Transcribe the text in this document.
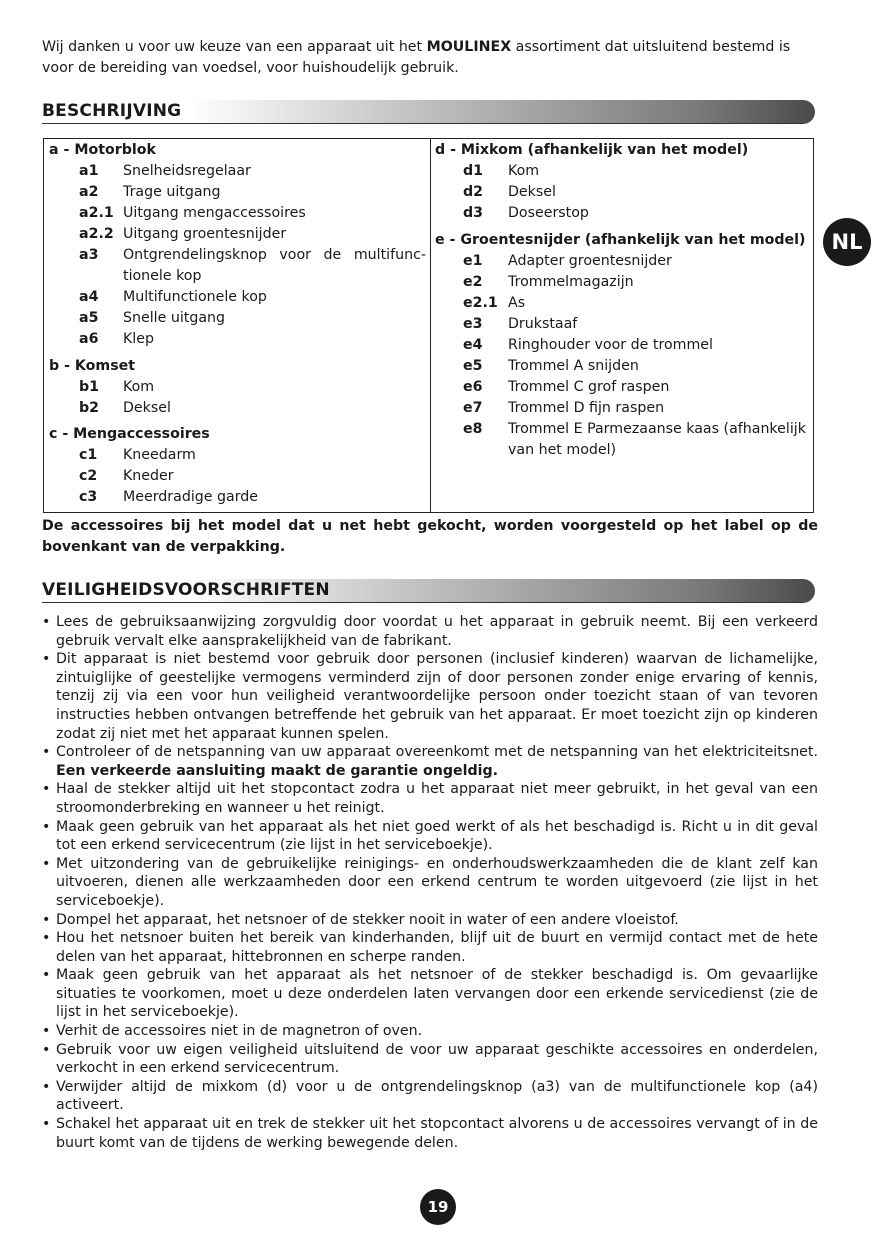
Wij danken u voor uw keuze van een apparaat uit het MOULINEX assortiment dat uitsluitend bestemd is voor de bereiding van voedsel, voor huishoudelijk gebruik.

BESCHRIJVING
a - Motorblok
a1 Snelheidsregelaar
a2 Trage uitgang
a2.1 Uitgang mengaccessoires
a2.2 Uitgang groentesnijder
a3 Ontgrendelingsknop voor de multifunc-tionele kop
a4 Multifunctionele kop
a5 Snelle uitgang
a6 Klep
b - Komset
b1 Kom
b2 Deksel
c - Mengaccessoires
c1 Kneedarm
c2 Kneder
c3 Meerdradige garde
d - Mixkom (afhankelijk van het model)
d1 Kom
d2 Deksel
d3 Doseerstop
e - Groentesnijder (afhankelijk van het model)
e1 Adapter groentesnijder
e2 Trommelmagazijn
e2.1 As
e3 Drukstaaf
e4 Ringhouder voor de trommel
e5 Trommel A snijden
e6 Trommel C grof raspen
e7 Trommel D fijn raspen
e8 Trommel E Parmezaanse kaas (afhankelijk van het model)

De accessoires bij het model dat u net hebt gekocht, worden voorgesteld op het label op de bovenkant van de verpakking.

VEILIGHEIDSVOORSCHRIFTEN
• Lees de gebruiksaanwijzing zorgvuldig door voordat u het apparaat in gebruik neemt. Bij een verkeerd gebruik vervalt elke aansprakelijkheid van de fabrikant.
• Dit apparaat is niet bestemd voor gebruik door personen (inclusief kinderen) waarvan de lichamelijke, zintuiglijke of geestelijke vermogens verminderd zijn of door personen zonder enige ervaring of kennis, tenzij zij via een voor hun veiligheid verantwoordelijke persoon onder toezicht staan of van tevoren instructies hebben ontvangen betreffende het gebruik van het apparaat. Er moet toezicht zijn op kinderen zodat zij niet met het apparaat kunnen spelen.
• Controleer of de netspanning van uw apparaat overeenkomt met de netspanning van het elektriciteitsnet. Een verkeerde aansluiting maakt de garantie ongeldig.
• Haal de stekker altijd uit het stopcontact zodra u het apparaat niet meer gebruikt, in het geval van een stroomonderbreking en wanneer u het reinigt.
• Maak geen gebruik van het apparaat als het niet goed werkt of als het beschadigd is. Richt u in dit geval tot een erkend servicecentrum (zie lijst in het serviceboekje).
• Met uitzondering van de gebruikelijke reinigings- en onderhoudswerkzaamheden die de klant zelf kan uitvoeren, dienen alle werkzaamheden door een erkend centrum te worden uitgevoerd (zie lijst in het serviceboekje).
• Dompel het apparaat, het netsnoer of de stekker nooit in water of een andere vloeistof.
• Hou het netsnoer buiten het bereik van kinderhanden, blijf uit de buurt en vermijd contact met de hete delen van het apparaat, hittebronnen en scherpe randen.
• Maak geen gebruik van het apparaat als het netsnoer of de stekker beschadigd is. Om gevaarlijke situaties te voorkomen, moet u deze onderdelen laten vervangen door een erkende servicedienst (zie de lijst in het serviceboekje).
• Verhit de accessoires niet in de magnetron of oven.
• Gebruik voor uw eigen veiligheid uitsluitend de voor uw apparaat geschikte accessoires en onderdelen, verkocht in een erkend servicecentrum.
• Verwijder altijd de mixkom (d) voor u de ontgrendelingsknop (a3) van de multifunctionele kop (a4) activeert.
• Schakel het apparaat uit en trek de stekker uit het stopcontact alvorens u de accessoires vervangt of in de buurt komt van de tijdens de werking bewegende delen.
NL
19
